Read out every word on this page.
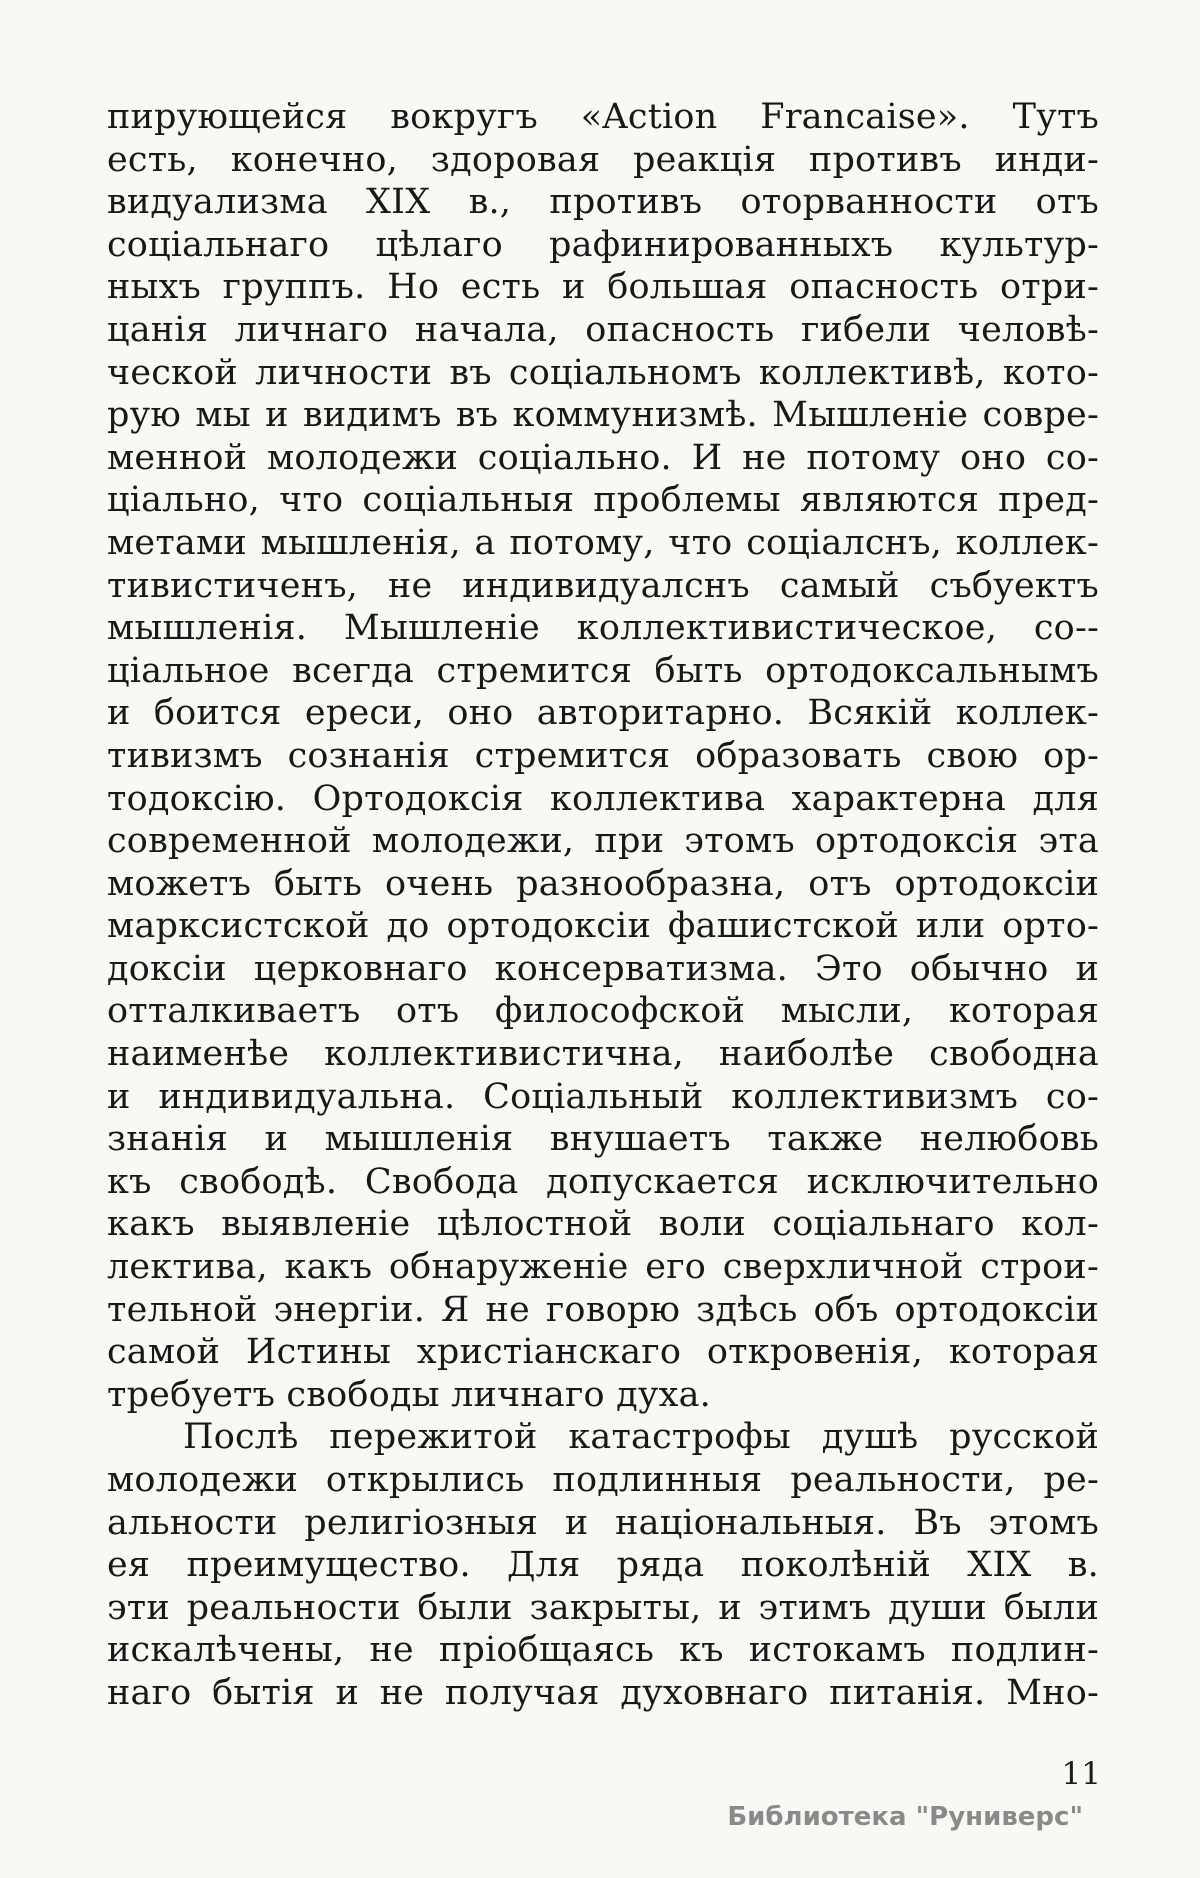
пирующейся вокругъ «Action Francaise». Тутъ
есть, конечно, здоровая реакція противъ инди-
видуализма XIX в., противъ оторванности отъ
соціальнаго цѣлаго рафинированныхъ культур-
ныхъ группъ. Но есть и большая опасность отри-
цанія личнаго начала, опасность гибели человѣ-
ческой личности въ соціальномъ коллективѣ, кото-
рую мы и видимъ въ коммунизмѣ. Мышленіе совре-
менной молодежи соціально. И не потому оно со-
ціально, что соціальныя проблемы являются пред-
метами мышленія, а потому, что соціалснъ, коллек-
тивистиченъ, не индивидуалснъ самый събуектъ
мышленія. Мышленіе коллективистическое, со--
ціальное всегда стремится быть ортодоксальнымъ
и боится ереси, оно авторитарно. Всякій коллек-
тивизмъ сознанія стремится образовать свою ор-
тодоксію. Ортодоксія коллектива характерна для
современной молодежи, при этомъ ортодоксія эта
можетъ быть очень разнообразна, отъ ортодоксіи
марксистской до ортодоксіи фашистской или орто-
доксіи церковнаго консерватизма. Это обычно и
отталкиваетъ отъ философской мысли, которая
наименѣе коллективистична, наиболѣе свободна
и индивидуальна. Соціальный коллективизмъ со-
знанія и мышленія внушаетъ также нелюбовь
къ свободѣ. Свобода допускается исключительно
какъ выявленіе цѣлостной воли соціальнаго кол-
лектива, какъ обнаруженіе его сверхличной строи-
тельной энергіи. Я не говорю здѣсь объ ортодоксіи
самой Истины христіанскаго откровенія, которая
требуетъ свободы личнаго духа.
Послѣ пережитой катастрофы душѣ русской
молодежи открылись подлинныя реальности, ре-
альности религіозныя и національныя. Въ этомъ
ея преимущество. Для ряда поколѣній XIX в.
эти реальности были закрыты, и этимъ души были
искалѣчены, не пріобщаясь къ истокамъ подлин-
наго бытія и не получая духовнаго питанія. Мно-
11
Библиотека "Руниверс"
